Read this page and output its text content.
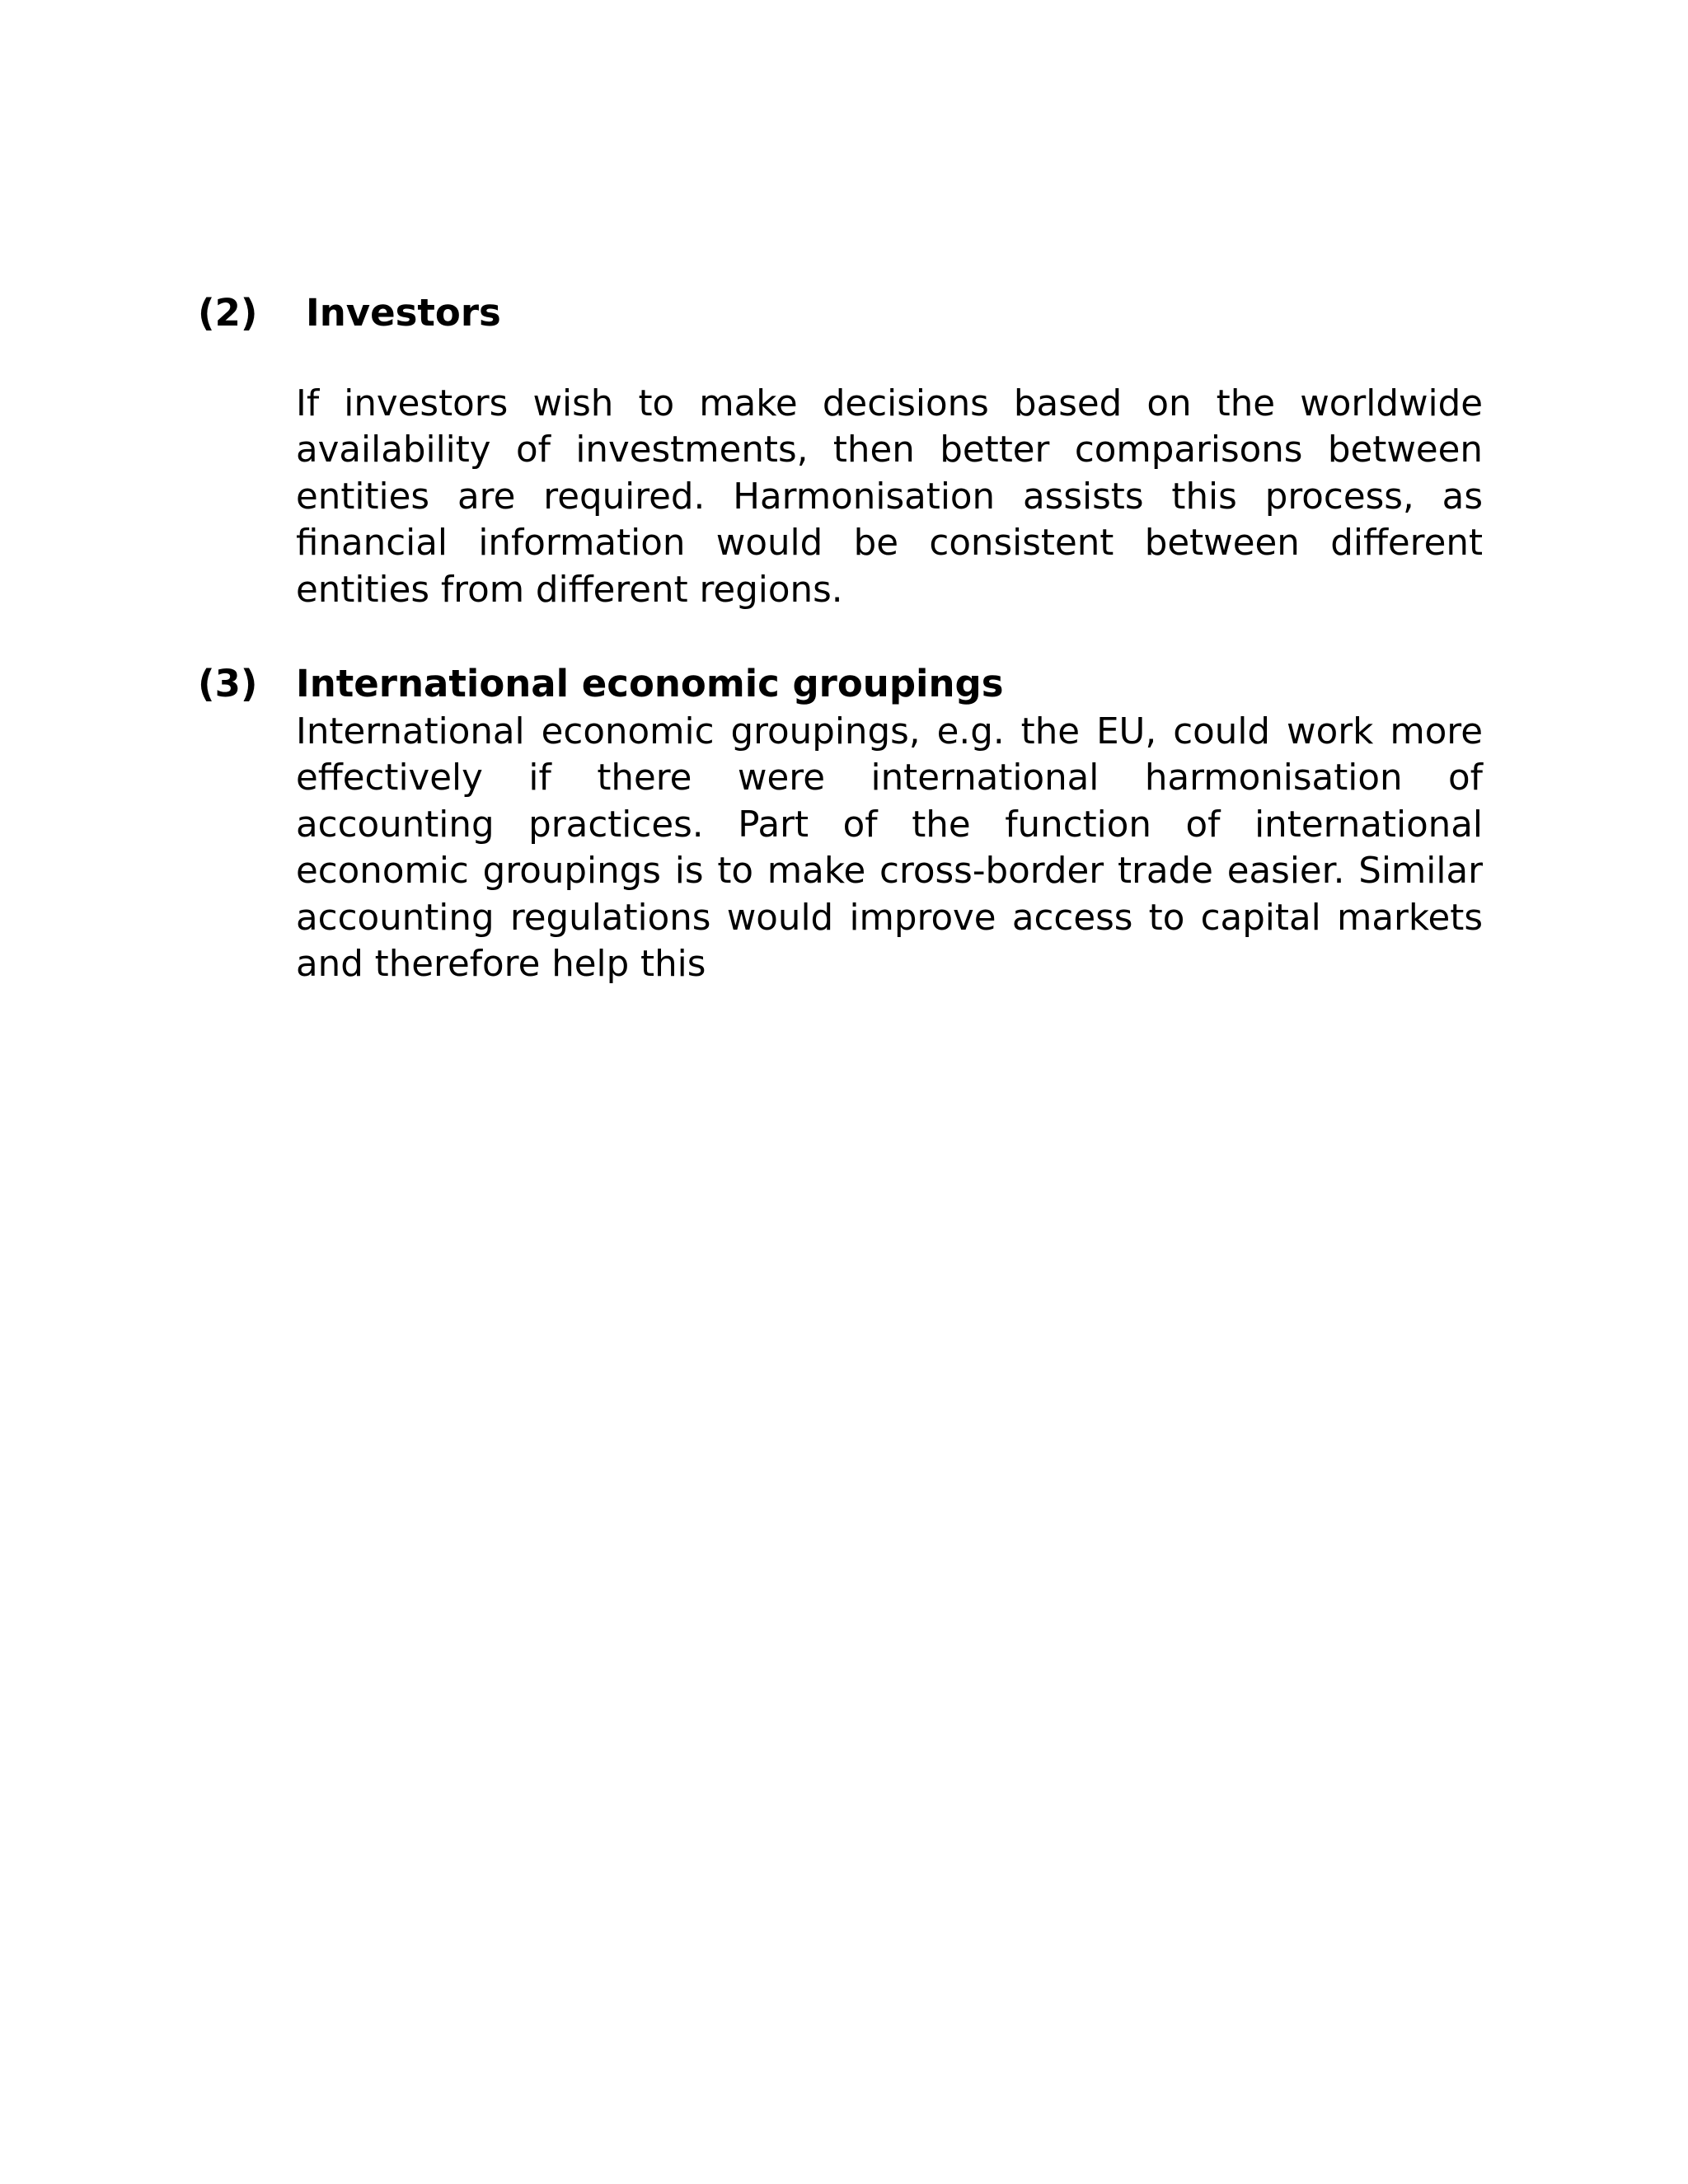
(2) Investors

If investors wish to make decisions based on the worldwide availability of investments, then better comparisons between entities are required. Harmonisation assists this process, as financial information would be consistent between different entities from different regions.

(3) International economic groupings

International economic groupings, e.g. the EU, could work more effectively if there were international harmonisation of accounting practices. Part of the function of international economic groupings is to make cross-border trade easier. Similar accounting regulations would improve access to capital markets and therefore help this
